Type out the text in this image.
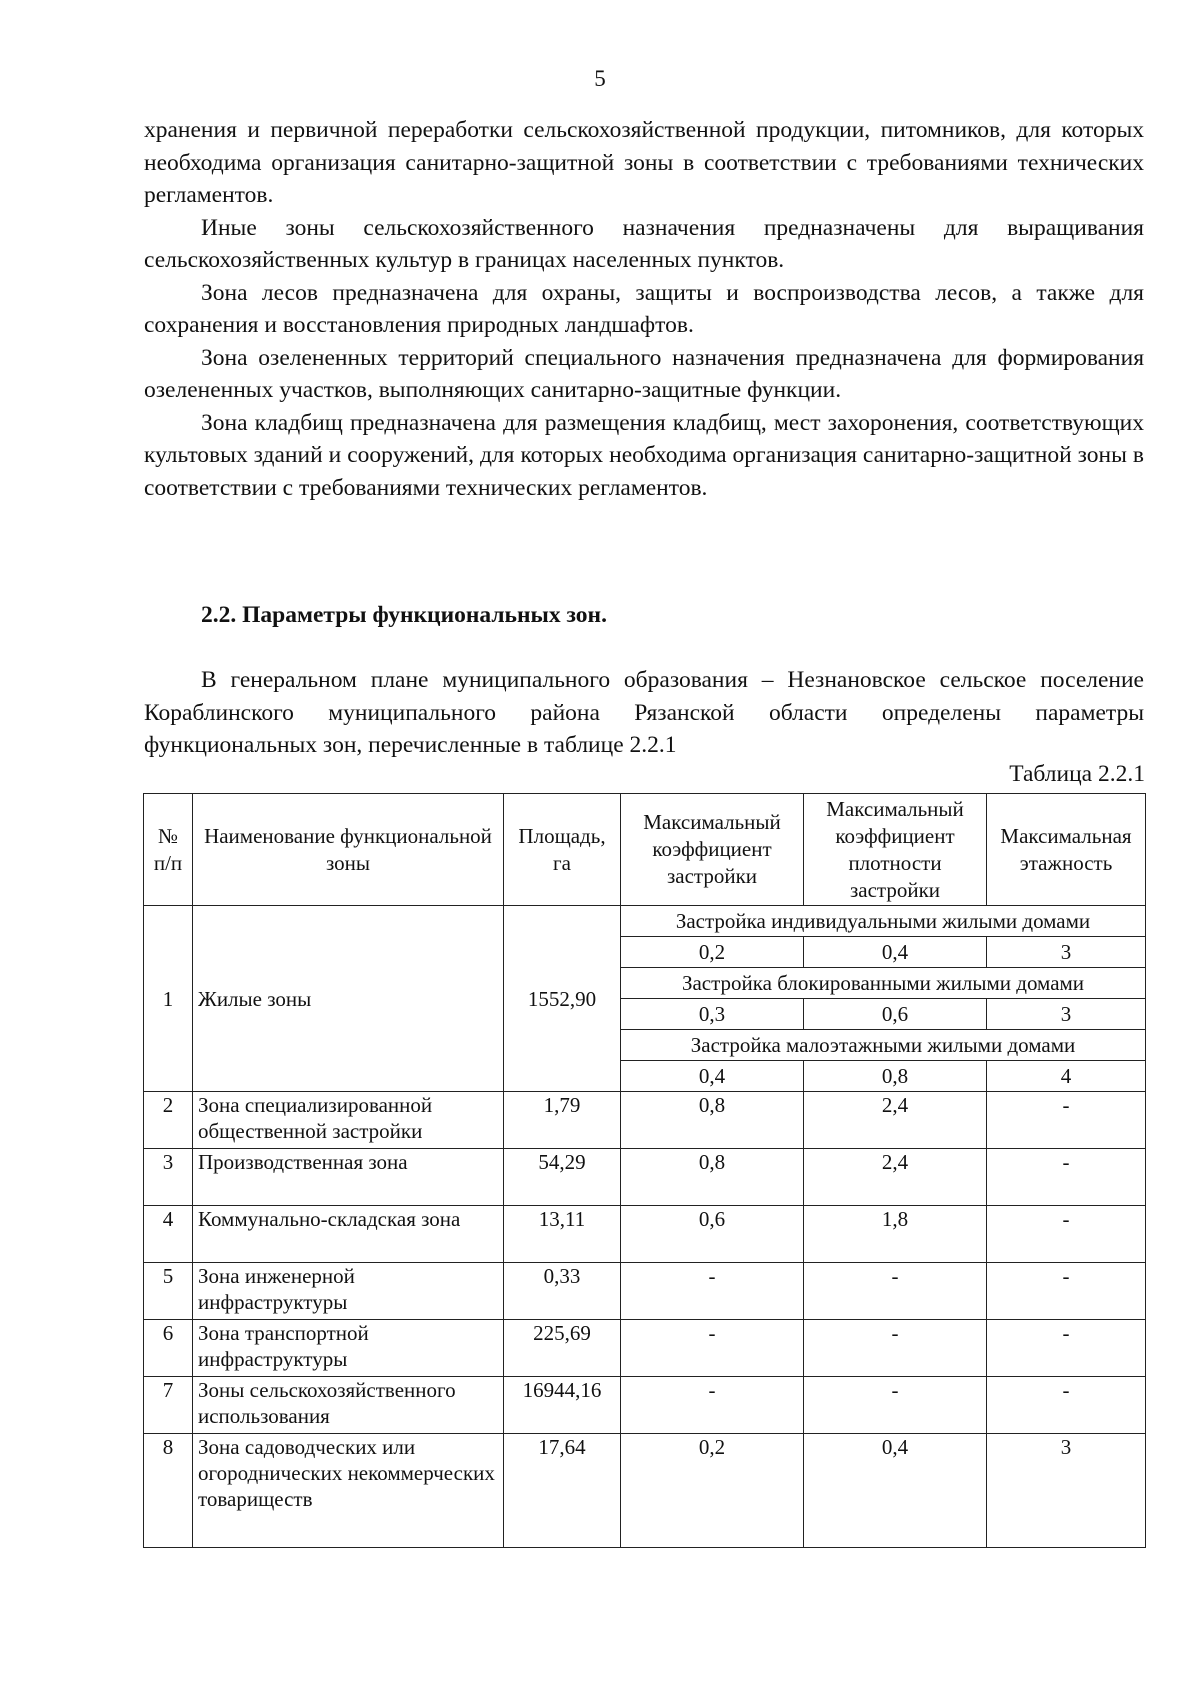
5

хранения и первичной переработки сельскохозяйственной продукции, питомников, для которых необходима организация санитарно-защитной зоны в соответствии с требованиями технических регламентов.

Иные зоны сельскохозяйственного назначения предназначены для выращивания сельскохозяйственных культур в границах населенных пунктов.

Зона лесов предназначена для охраны, защиты и воспроизводства лесов, а также для сохранения и восстановления природных ландшафтов.

Зона озелененных территорий специального назначения предназначена для формирования озелененных участков, выполняющих санитарно-защитные функции.

Зона кладбищ предназначена для размещения кладбищ, мест захоронения, соответствующих культовых зданий и сооружений, для которых необходима организация санитарно-защитной зоны в соответствии с требованиями технических регламентов.

2.2. Параметры функциональных зон.

В генеральном плане муниципального образования – Незнановское сельское поселение Кораблинского муниципального района Рязанской области определены параметры функциональных зон, перечисленные в таблице 2.2.1

Таблица 2.2.1
№ п/п	Наименование функциональной зоны	Площадь, га	Максимальный коэффициент застройки	Максимальный коэффициент плотности застройки	Максимальная этажность
1	Жилые зоны	1552,90	Застройка индивидуальными жилыми домами		
			0,2	0,4	3
			Застройка блокированными жилыми домами		
			0,3	0,6	3
			Застройка малоэтажными жилыми домами		
			0,4	0,8	4
2	Зона специализированной общественной застройки	1,79	0,8	2,4	-
3	Производственная зона	54,29	0,8	2,4	-
4	Коммунально-складская зона	13,11	0,6	1,8	-
5	Зона инженерной инфраструктуры	0,33	-	-	-
6	Зона транспортной инфраструктуры	225,69	-	-	-
7	Зоны сельскохозяйственного использования	16944,16	-	-	-
8	Зона садоводческих или огороднических некоммерческих товариществ	17,64	0,2	0,4	3
